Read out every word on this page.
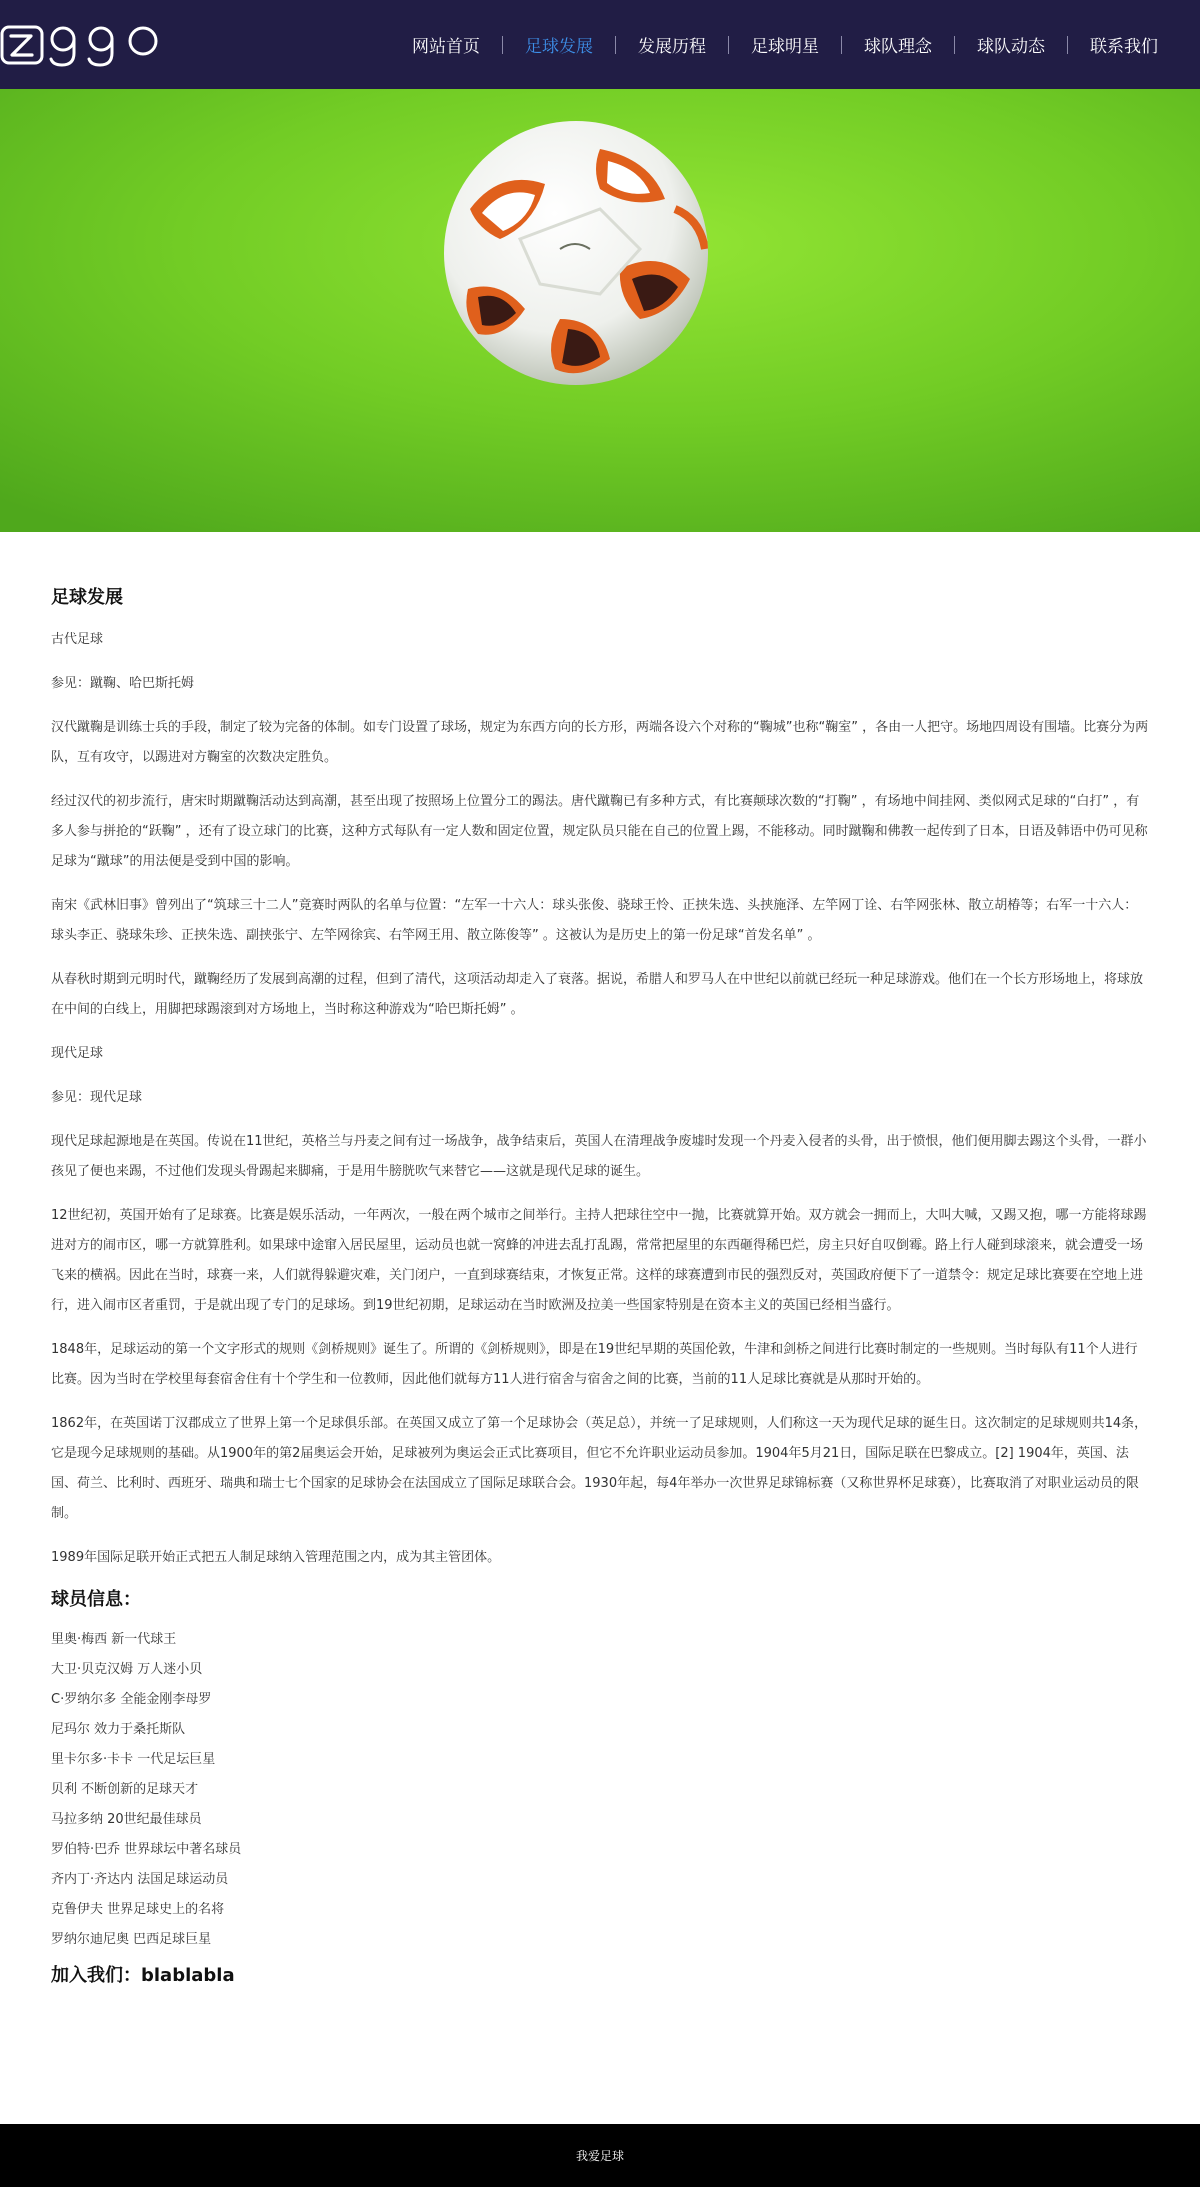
网站首页	足球发展	发展历程	足球明星	球队理念	球队动态	联系我们
足球发展

古代足球

参见：蹴鞠、哈巴斯托姆

汉代蹴鞠是训练士兵的手段，制定了较为完备的体制。如专门设置了球场，规定为东西方向的长方形，两端各设六个对称的“鞠城”也称“鞠室” ，各由一人把守。场地四周设有围墙。比赛分为两队，互有攻守，以踢进对方鞠室的次数决定胜负。

经过汉代的初步流行，唐宋时期蹴鞠活动达到高潮，甚至出现了按照场上位置分工的踢法。唐代蹴鞠已有多种方式，有比赛颠球次数的“打鞠” ，有场地中间挂网、类似网式足球的“白打” ，有多人参与拼抢的“跃鞠” ，还有了设立球门的比赛，这种方式每队有一定人数和固定位置，规定队员只能在自己的位置上踢，不能移动。同时蹴鞠和佛教一起传到了日本，日语及韩语中仍可见称足球为“蹴球”的用法便是受到中国的影响。

南宋《武林旧事》曾列出了“筑球三十二人”竟赛时两队的名单与位置：“左军一十六人：球头张俊、骁球王怜、正挟朱选、头挟施泽、左竿网丁诠、右竿网张林、散立胡椿等；右军一十六人：球头李正、骁球朱珍、正挟朱选、副挟张宁、左竿网徐宾、右竿网王用、散立陈俊等” 。这被认为是历史上的第一份足球“首发名单” 。

从春秋时期到元明时代，蹴鞠经历了发展到高潮的过程，但到了清代，这项活动却走入了衰落。据说，希腊人和罗马人在中世纪以前就已经玩一种足球游戏。他们在一个长方形场地上，将球放在中间的白线上，用脚把球踢滚到对方场地上，当时称这种游戏为“哈巴斯托姆” 。

现代足球

参见：现代足球

现代足球起源地是在英国。传说在11世纪，英格兰与丹麦之间有过一场战争，战争结束后，英国人在清理战争废墟时发现一个丹麦入侵者的头骨，出于愤恨，他们便用脚去踢这个头骨，一群小孩见了便也来踢，不过他们发现头骨踢起来脚痛，于是用牛膀胱吹气来替它——这就是现代足球的诞生。

12世纪初，英国开始有了足球赛。比赛是娱乐活动，一年两次，一般在两个城市之间举行。主持人把球往空中一抛，比赛就算开始。双方就会一拥而上，大叫大喊，又踢又抱，哪一方能将球踢进对方的闹市区，哪一方就算胜利。如果球中途窜入居民屋里，运动员也就一窝蜂的冲进去乱打乱踢，常常把屋里的东西砸得稀巴烂，房主只好自叹倒霉。路上行人碰到球滚来，就会遭受一场飞来的横祸。因此在当时，球赛一来，人们就得躲避灾难，关门闭户，一直到球赛结束，才恢复正常。这样的球赛遭到市民的强烈反对，英国政府便下了一道禁令：规定足球比赛要在空地上进行，进入闹市区者重罚，于是就出现了专门的足球场。到19世纪初期，足球运动在当时欧洲及拉美一些国家特别是在资本主义的英国已经相当盛行。

1848年，足球运动的第一个文字形式的规则《剑桥规则》诞生了。所谓的《剑桥规则》，即是在19世纪早期的英国伦敦，牛津和剑桥之间进行比赛时制定的一些规则。当时每队有11个人进行比赛。因为当时在学校里每套宿舍住有十个学生和一位教师，因此他们就每方11人进行宿舍与宿舍之间的比赛，当前的11人足球比赛就是从那时开始的。

1862年，在英国诺丁汉郡成立了世界上第一个足球俱乐部。在英国又成立了第一个足球协会（英足总），并统一了足球规则，人们称这一天为现代足球的诞生日。这次制定的足球规则共14条，它是现今足球规则的基础。从1900年的第2届奥运会开始，足球被列为奥运会正式比赛项目，但它不允许职业运动员参加。1904年5月21日，国际足联在巴黎成立。[2] 1904年，英国、法国、荷兰、比利时、西班牙、瑞典和瑞士七个国家的足球协会在法国成立了国际足球联合会。1930年起，每4年举办一次世界足球锦标赛（又称世界杯足球赛），比赛取消了对职业运动员的限制。

1989年国际足联开始正式把五人制足球纳入管理范围之内，成为其主管团体。

球员信息：
里奥·梅西 新一代球王
大卫·贝克汉姆 万人迷小贝
C·罗纳尔多 全能金刚李母罗
尼玛尔 效力于桑托斯队
里卡尔多·卡卡 一代足坛巨星
贝利 不断创新的足球天才
马拉多纳 20世纪最佳球员
罗伯特·巴乔 世界球坛中著名球员
齐内丁·齐达内 法国足球运动员
克鲁伊夫 世界足球史上的名将
罗纳尔迪尼奥 巴西足球巨星
加入我们：blablabla
我爱足球
